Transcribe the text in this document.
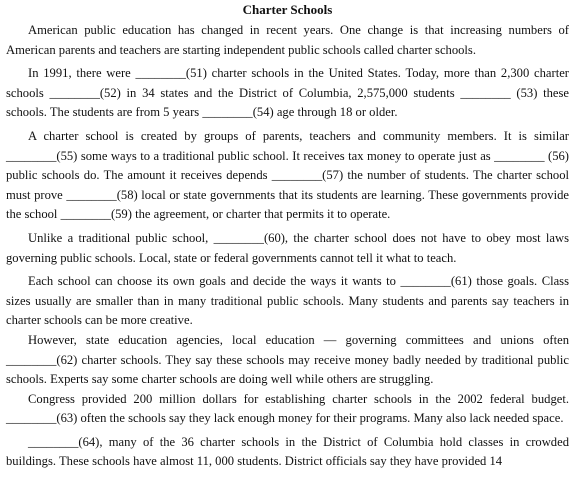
Charter Schools

American public education has changed in recent years. One change is that increasing numbers of American parents and teachers are starting independent public schools called charter schools.

In 1991, there were ________(51) charter schools in the United States. Today, more than 2,300 charter schools ________(52) in 34 states and the District of Columbia, 2,575,000 students ________ (53) these schools. The students are from 5 years ________(54) age through 18 or older.

A charter school is created by groups of parents, teachers and community members. It is similar ________(55) some ways to a traditional public school. It receives tax money to operate just as ________ (56) public schools do. The amount it receives depends ________(57) the number of students. The charter school must prove ________(58) local or state governments that its students are learning. These governments provide the school ________(59) the agreement, or charter that permits it to operate.

Unlike a traditional public school, ________(60), the charter school does not have to obey most laws governing public schools. Local, state or federal governments cannot tell it what to teach.

Each school can choose its own goals and decide the ways it wants to ________(61) those goals. Class sizes usually are smaller than in many traditional public schools. Many students and parents say teachers in charter schools can be more creative.

However, state education agencies, local education — governing committees and unions often ________(62) charter schools. They say these schools may receive money badly needed by traditional public schools. Experts say some charter schools are doing well while others are struggling.

Congress provided 200 million dollars for establishing charter schools in the 2002 federal budget. ________(63) often the schools say they lack enough money for their programs. Many also lack needed space.

________(64), many of the 36 charter schools in the District of Columbia hold classes in crowded buildings. These schools have almost 11, 000 students. District officials say they have provided 14
